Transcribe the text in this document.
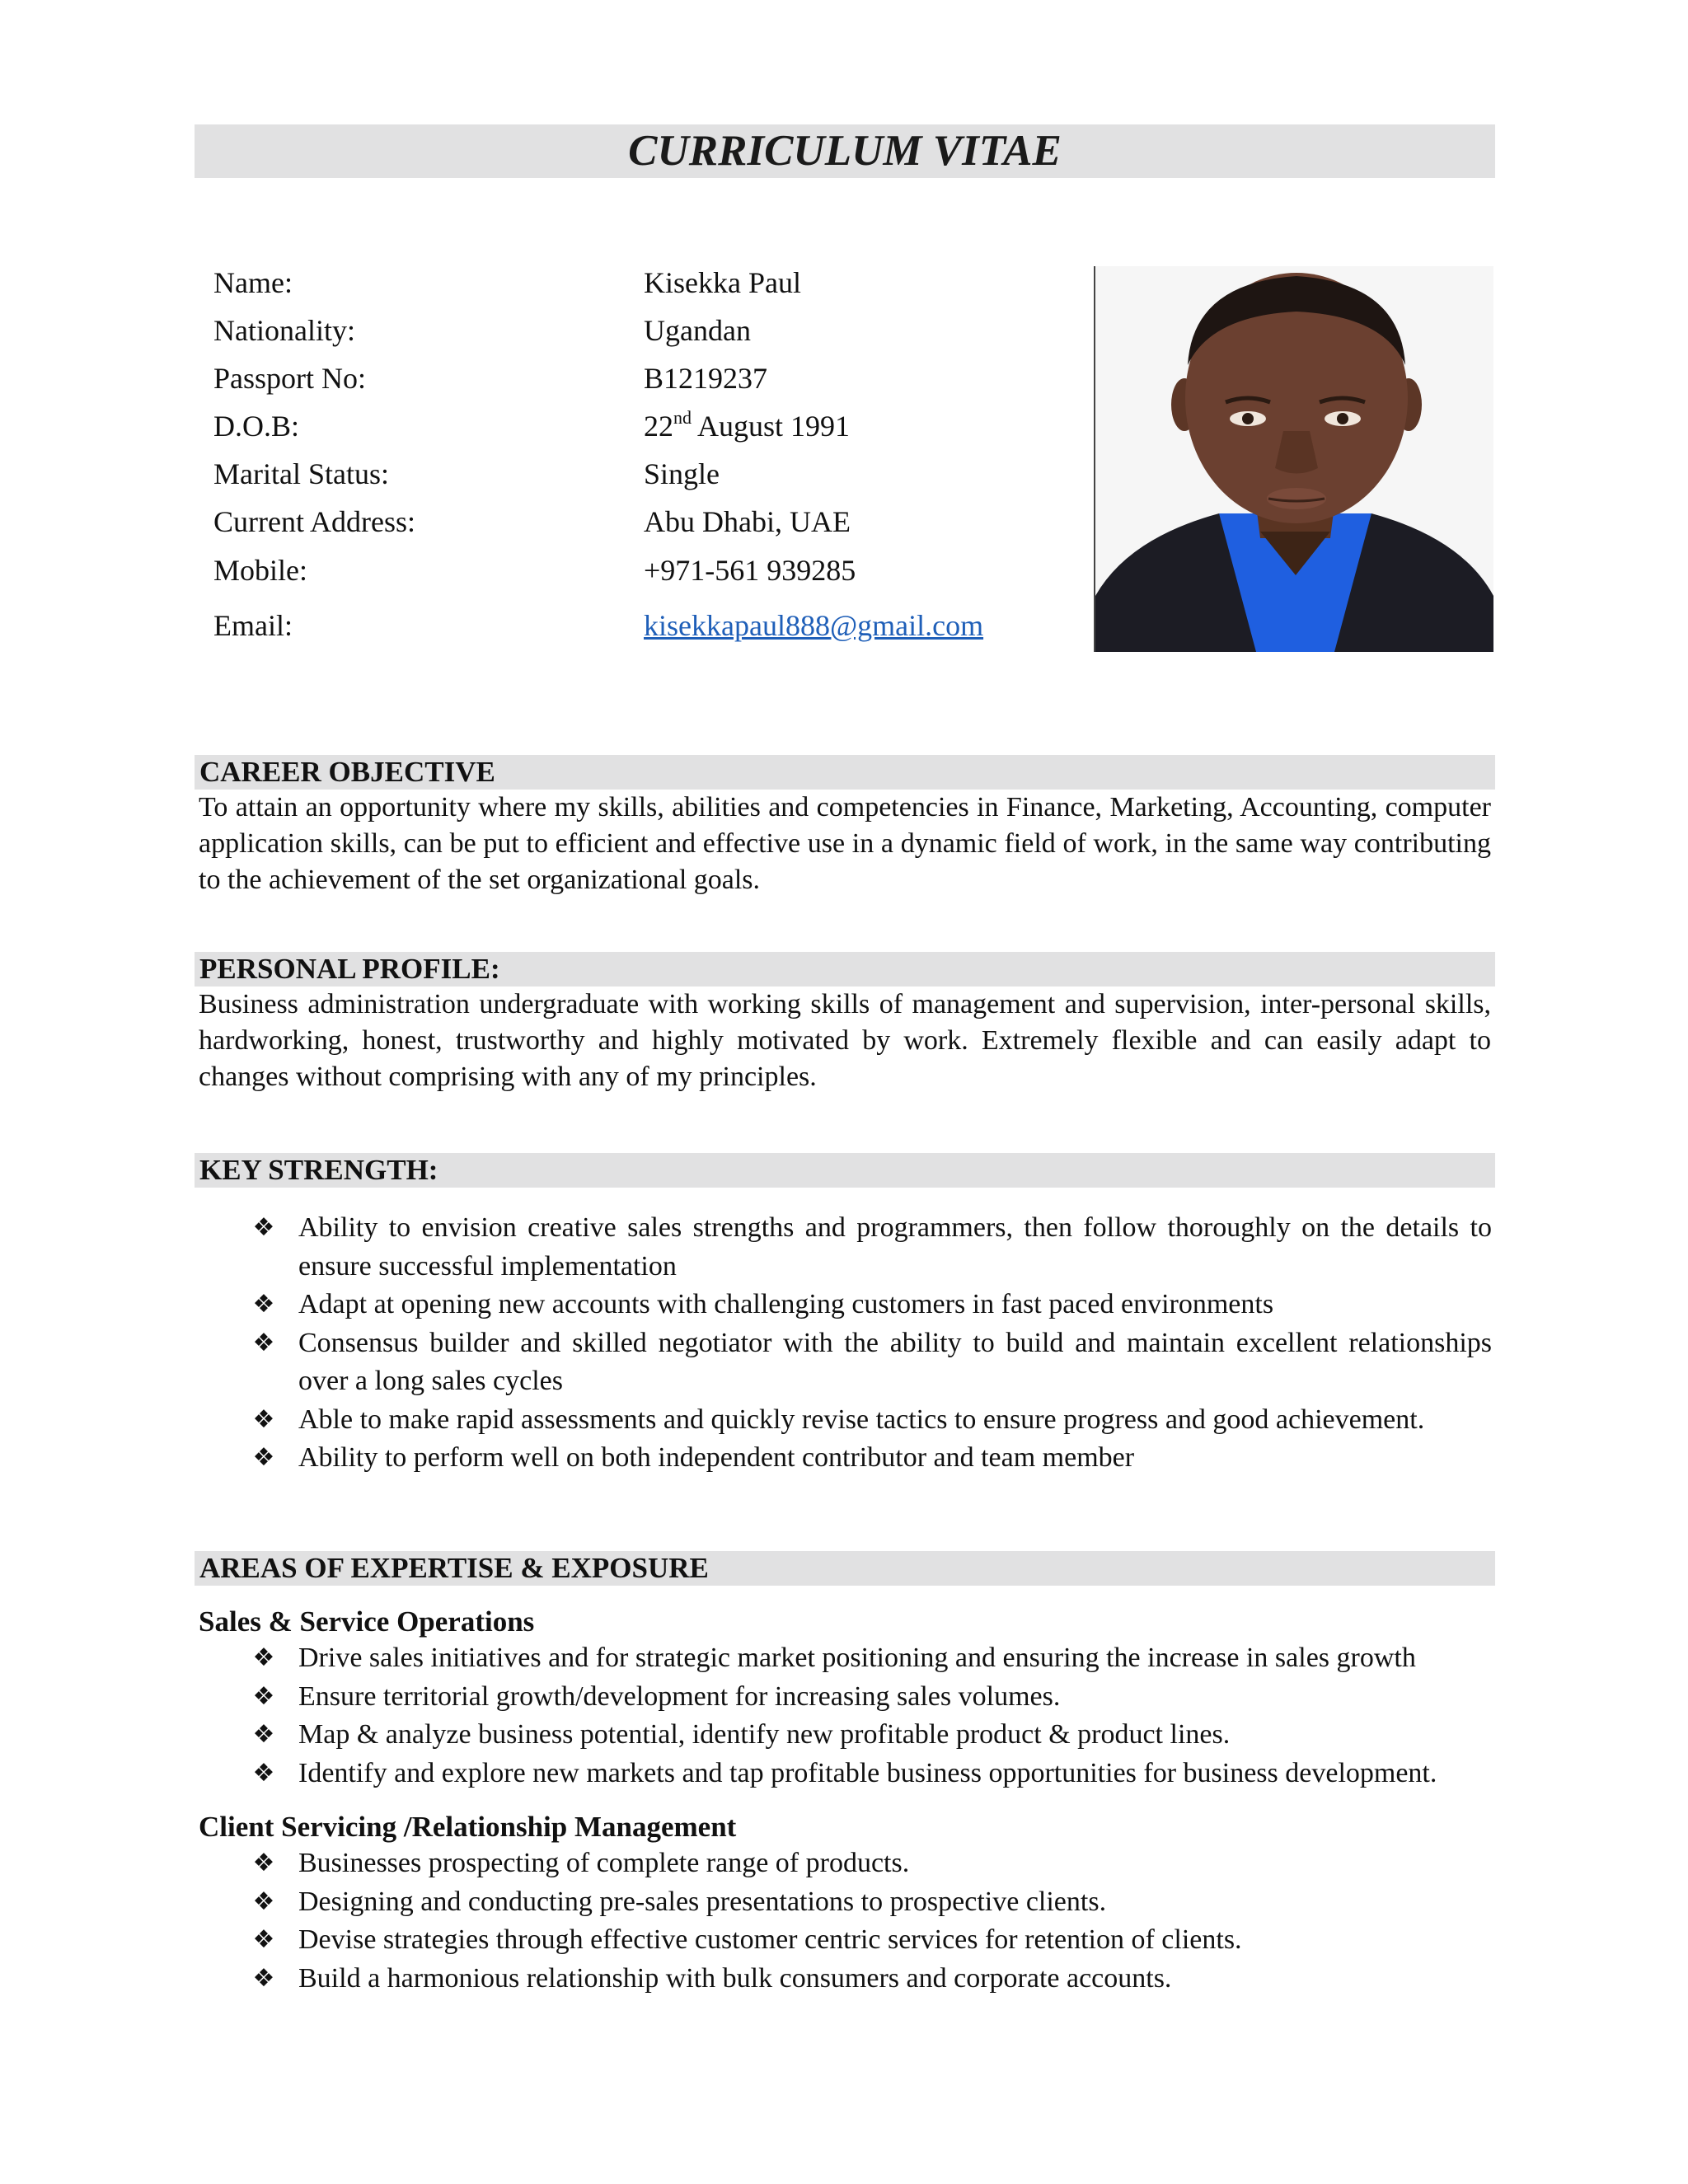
CURRICULUM VITAE
Name:	Kisekka Paul
Nationality:	Ugandan
Passport No:	B1219237
D.O.B:	22nd August 1991
Marital Status:	Single
Current Address:	Abu Dhabi, UAE
Mobile:	+971-561 939285
Email:	kisekkapaul888@gmail.com
CAREER OBJECTIVE
To attain an opportunity where my skills, abilities and competencies in Finance, Marketing, Accounting, computer application skills, can be put to efficient and effective use in a dynamic field of work, in the same way contributing to the achievement of the set organizational goals.
PERSONAL PROFILE:
Business administration undergraduate with working skills of management and supervision, inter-personal skills, hardworking, honest, trustworthy and highly motivated by work. Extremely flexible and can easily adapt to changes without comprising with any of my principles.
KEY STRENGTH:
❖ Ability to envision creative sales strengths and programmers, then follow thoroughly on the details to ensure successful implementation
❖ Adapt at opening new accounts with challenging customers in fast paced environments
❖ Consensus builder and skilled negotiator with the ability to build and maintain excellent relationships over a long sales cycles
❖ Able to make rapid assessments and quickly revise tactics to ensure progress and good achievement.
❖ Ability to perform well on both independent contributor and team member
AREAS OF EXPERTISE & EXPOSURE
Sales & Service Operations
❖ Drive sales initiatives and for strategic market positioning and ensuring the increase in sales growth
❖ Ensure territorial growth/development for increasing sales volumes.
❖ Map & analyze business potential, identify new profitable product & product lines.
❖ Identify and explore new markets and tap profitable business opportunities for business development.
Client Servicing /Relationship Management
❖ Businesses prospecting of complete range of products.
❖ Designing and conducting pre-sales presentations to prospective clients.
❖ Devise strategies through effective customer centric services for retention of clients.
❖ Build a harmonious relationship with bulk consumers and corporate accounts.
